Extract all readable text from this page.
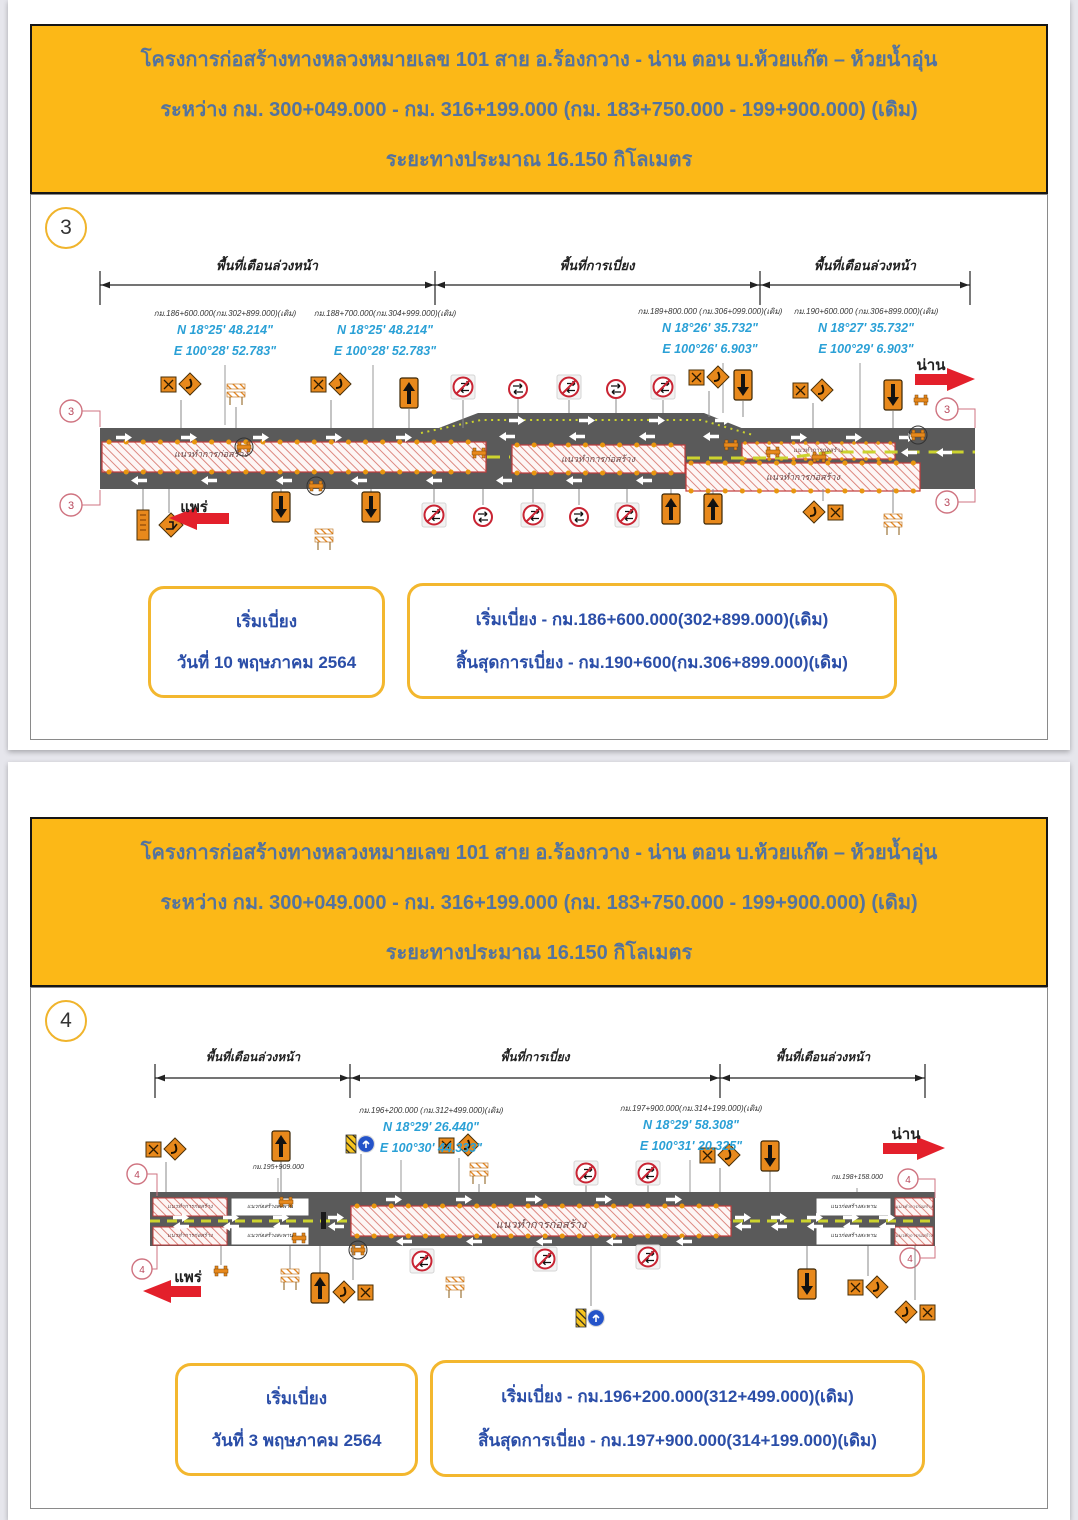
โครงการก่อสร้างทางหลวงหมายเลข 101 สาย อ.ร้องกวาง - น่าน ตอน บ.ห้วยแก๊ต – ห้วยน้ำอุ่น
ระหว่าง กม. 300+049.000 - กม. 316+199.000 (กม. 183+750.000 - 199+900.000) (เดิม)
ระยะทางประมาณ 16.150 กิโลเมตร
3
3
3
3
3
พื้นที่เตือนล่วงหน้า	พื้นที่การเบี่ยง	พื้นที่เตือนล่วงหน้า
กม.186+600.000(กม.302+899.000)(เดิม)
N 18°25' 48.214"
E 100°28' 52.783"
กม.188+700.000(กม.304+999.000)(เดิม)
N 18°25' 48.214"
E 100°28' 52.783"
กม.189+800.000 (กม.306+099.000)(เดิม)
N 18°26' 35.732"
E 100°26' 6.903"
กม.190+600.000 (กม.306+899.000)(เดิม)
N 18°27' 35.732"
E 100°29' 6.903"
น่าน
แพร่
แนวทำการก่อสร้าง	แนวทำการก่อสร้าง
แนวทำการก่อสร้าง
แนวทำการก่อสร้าง
เริ่มเบี่ยง
วันที่ 10 พฤษภาคม 2564
เริ่มเบี่ยง - กม.186+600.000(302+899.000)(เดิม)
สิ้นสุดการเบี่ยง - กม.190+600(กม.306+899.000)(เดิม)
โครงการก่อสร้างทางหลวงหมายเลข 101 สาย อ.ร้องกวาง - น่าน ตอน บ.ห้วยแก๊ต – ห้วยน้ำอุ่น
ระหว่าง กม. 300+049.000 - กม. 316+199.000 (กม. 183+750.000 - 199+900.000) (เดิม)
ระยะทางประมาณ 16.150 กิโลเมตร
4
4
4
4
4
พื้นที่เตือนล่วงหน้า	พื้นที่การเบี่ยง	พื้นที่เตือนล่วงหน้า
กม.196+200.000 (กม.312+499.000)(เดิม)
N 18°29' 26.440"
E 100°30' 44.333"
กม.197+900.000(กม.314+199.000)(เดิม)
N 18°29' 58.308"
E 100°31' 20.325"
กม.195+909.000
กม.198+158.000
น่าน
แพร่
แนวทำการก่อสร้าง
แนวทำการก่อสร้าง	แนวก่อสร้างสะพาน
แนวทำการก่อสร้าง	แนวก่อสร้างสะพาน
แนวก่อสร้างสะพาน	แนวทำการก่อสร้าง
แนวก่อสร้างสะพาน	แนวทำการก่อสร้าง
เริ่มเบี่ยง
วันที่ 3 พฤษภาคม 2564
เริ่มเบี่ยง - กม.196+200.000(312+499.000)(เดิม)
สิ้นสุดการเบี่ยง - กม.197+900.000(314+199.000)(เดิม)
